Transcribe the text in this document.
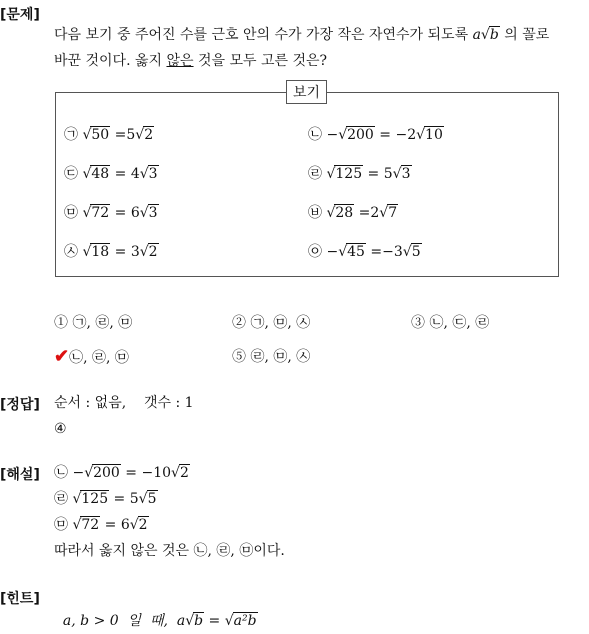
[문제]
다음 보기 중 주어진 수를 근호 안의 수가 가장 작은 자연수가 되도록 a√b 의 꼴로
바꾼 것이다. 옳지 않은 것을 모두 고른 것은?
보기
㉠ √50 =5√2	㉡ −√200 = −2√10
㉢ √48 = 4√3	㉣ √125 = 5√3
㉤ √72 = 6√3	㉥ √28 =2√7
㉦ √18 = 3√2	㉧ −√45 =−3√5
① ㉠, ㉣, ㉤	② ㉠, ㉤, ㉦	③ ㉡, ㉢, ㉣
✔㉡, ㉣, ㉤	⑤ ㉣, ㉤, ㉦
[정답] 순서 : 없음,    갯수 : 1
④
[해설] ㉡ −√200 = −10√2
㉣ √125 = 5√5
㉤ √72 = 6√2
따라서 옳지 않은 것은 ㉡, ㉣, ㉤이다.
[힌트]

a, b > 0  일  때,  a√b = √a²b
